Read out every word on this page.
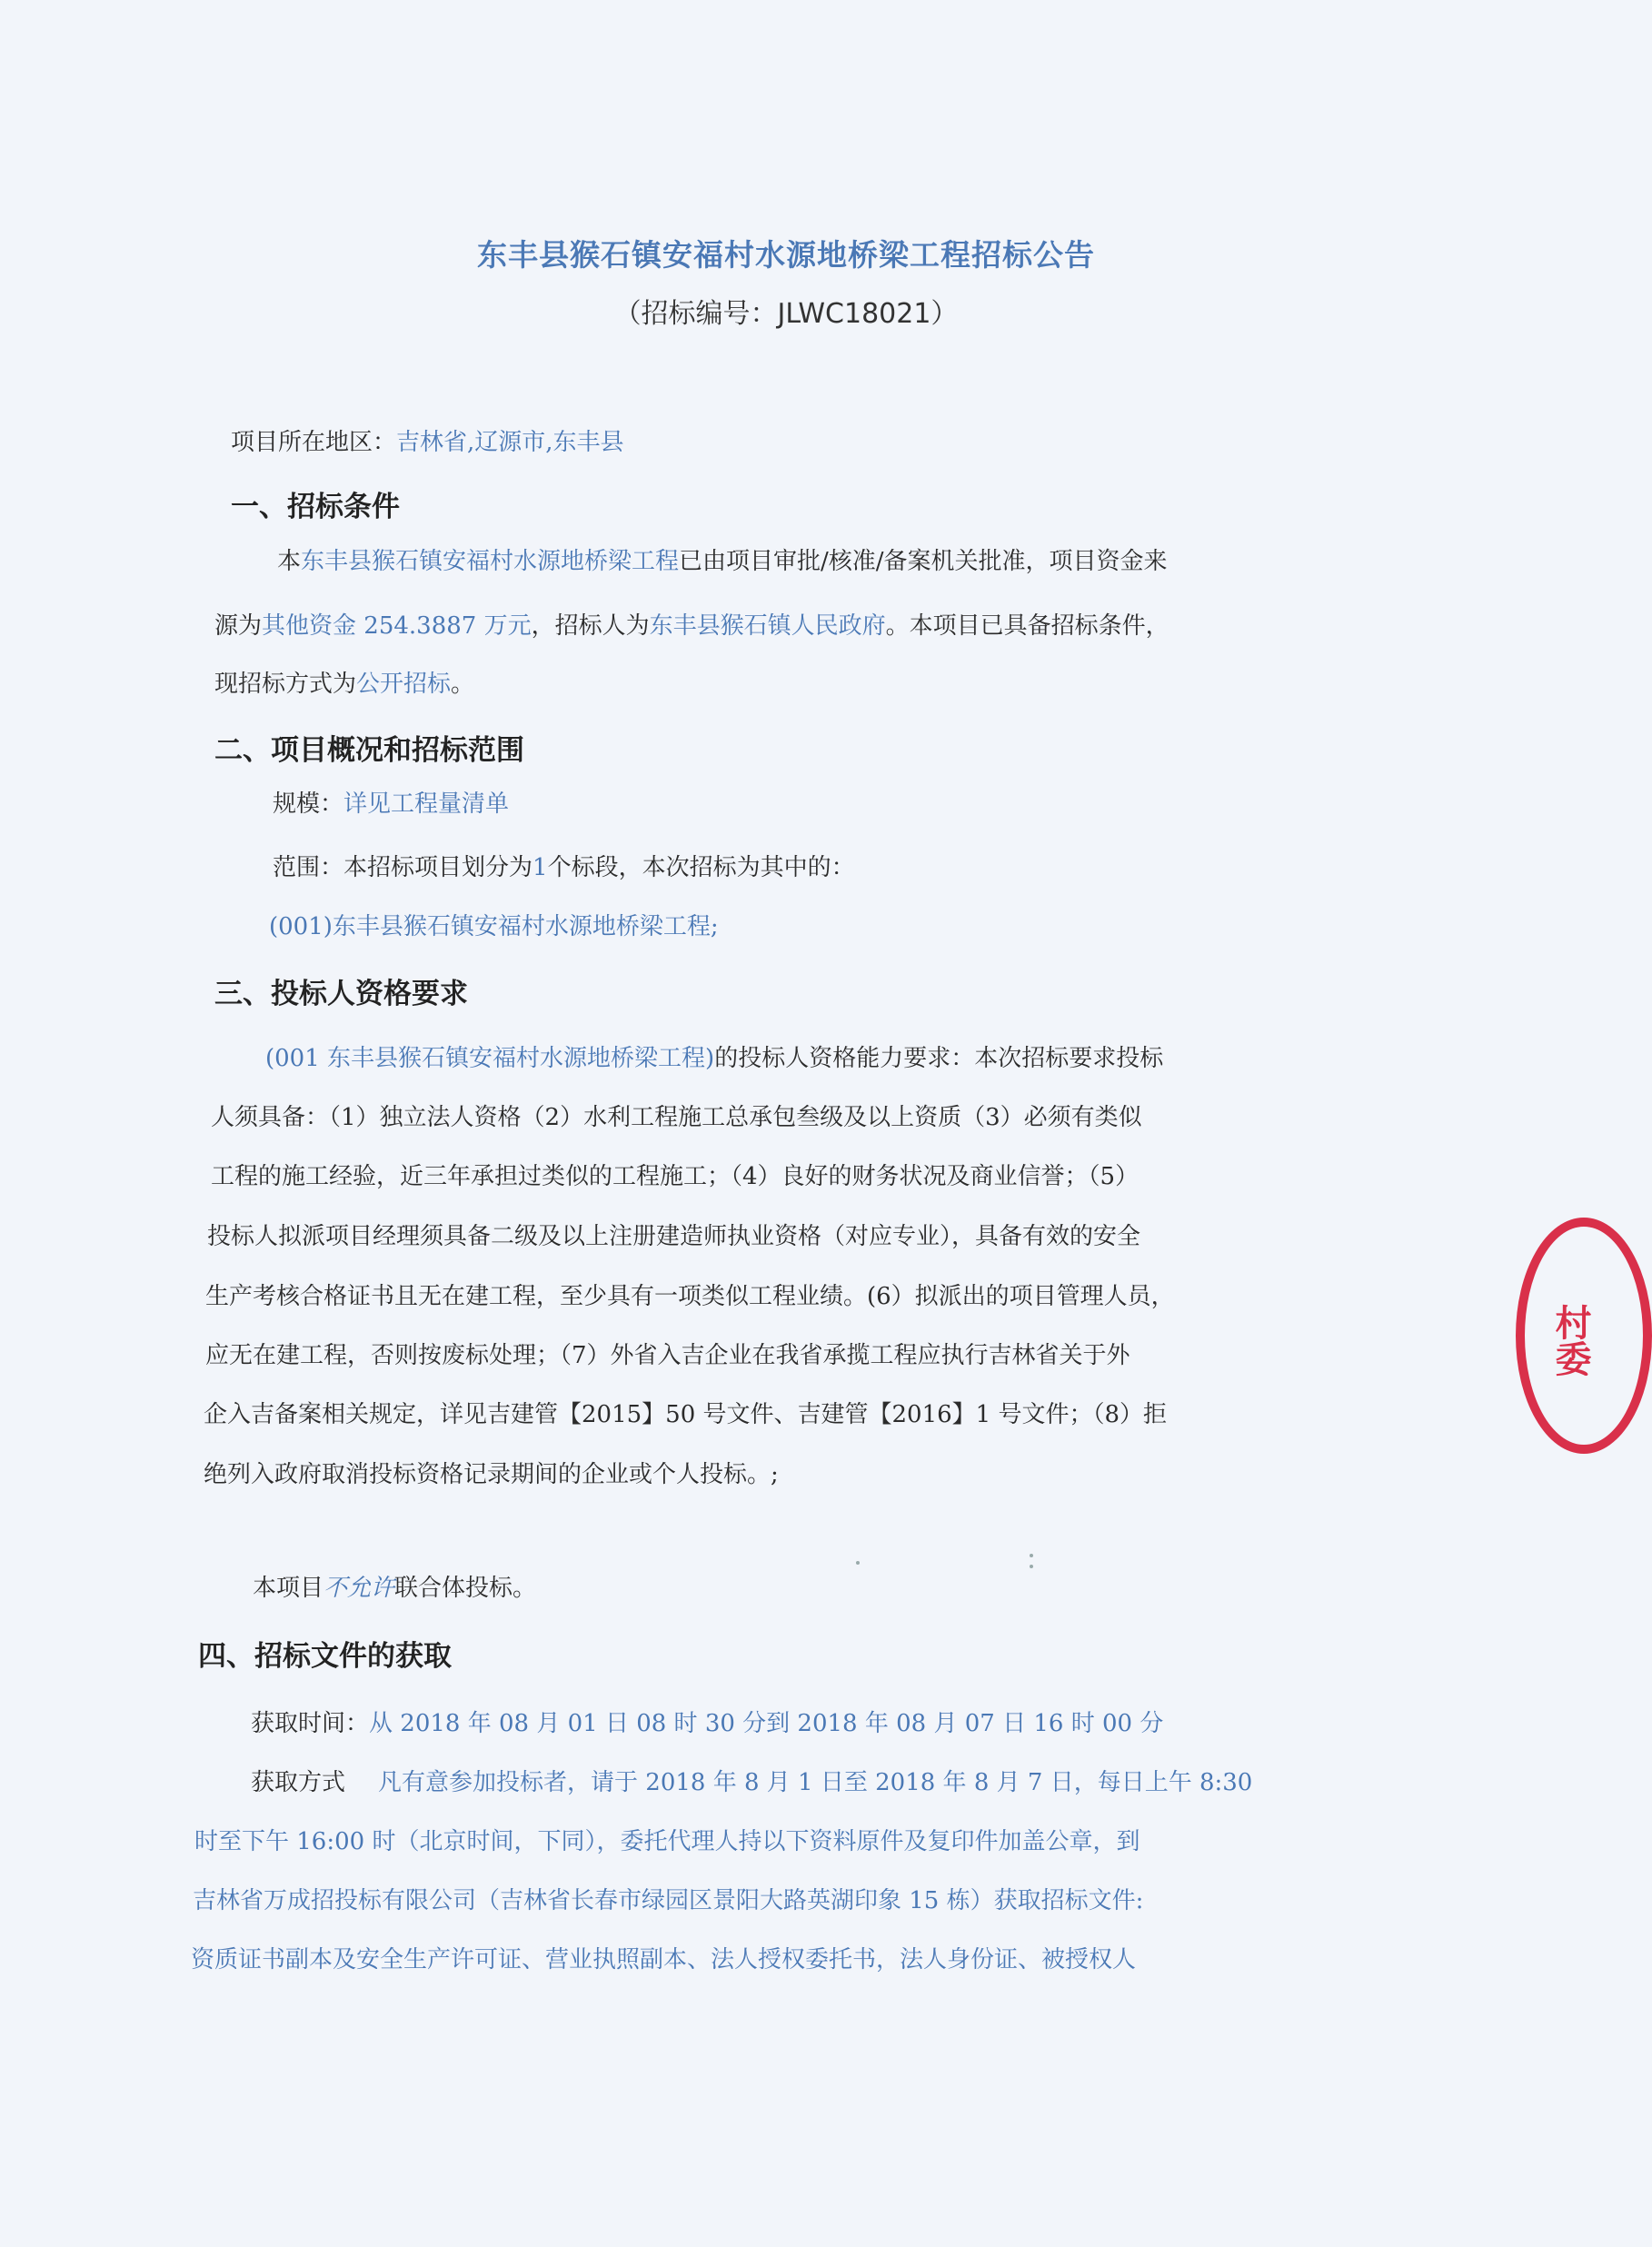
东丰县猴石镇安福村水源地桥梁工程招标公告
（招标编号：JLWC18021）
项目所在地区：吉林省,辽源市,东丰县
一、招标条件
本东丰县猴石镇安福村水源地桥梁工程已由项目审批/核准/备案机关批准，项目资金来
源为其他资金 254.3887 万元，招标人为东丰县猴石镇人民政府。本项目已具备招标条件，
现招标方式为公开招标。
二、项目概况和招标范围
规模：详见工程量清单
范围：本招标项目划分为1个标段，本次招标为其中的：
(001)东丰县猴石镇安福村水源地桥梁工程;
三、投标人资格要求
(001 东丰县猴石镇安福村水源地桥梁工程)的投标人资格能力要求：本次招标要求投标
人须具备：（1）独立法人资格（2）水利工程施工总承包叁级及以上资质（3）必须有类似
工程的施工经验，近三年承担过类似的工程施工；（4）良好的财务状况及商业信誉；（5）
投标人拟派项目经理须具备二级及以上注册建造师执业资格（对应专业），具备有效的安全
生产考核合格证书且无在建工程，至少具有一项类似工程业绩。(6）拟派出的项目管理人员，
应无在建工程，否则按废标处理；（7）外省入吉企业在我省承揽工程应执行吉林省关于外
企入吉备案相关规定，详见吉建管【2015】50 号文件、吉建管【2016】1 号文件；（8）拒
绝列入政府取消投标资格记录期间的企业或个人投标。;
本项目不允许联合体投标。
四、招标文件的获取
获取时间：从 2018 年 08 月 01 日 08 时 30 分到 2018 年 08 月 07 日 16 时 00 分
获取方式 凡有意参加投标者，请于 2018 年 8 月 1 日至 2018 年 8 月 7 日，每日上午 8:30
时至下午 16:00 时（北京时间，下同），委托代理人持以下资料原件及复印件加盖公章，到
吉林省万成招投标有限公司（吉林省长春市绿园区景阳大路英湖印象 15 栋）获取招标文件:
资质证书副本及安全生产许可证、营业执照副本、法人授权委托书，法人身份证、被授权人
村委
